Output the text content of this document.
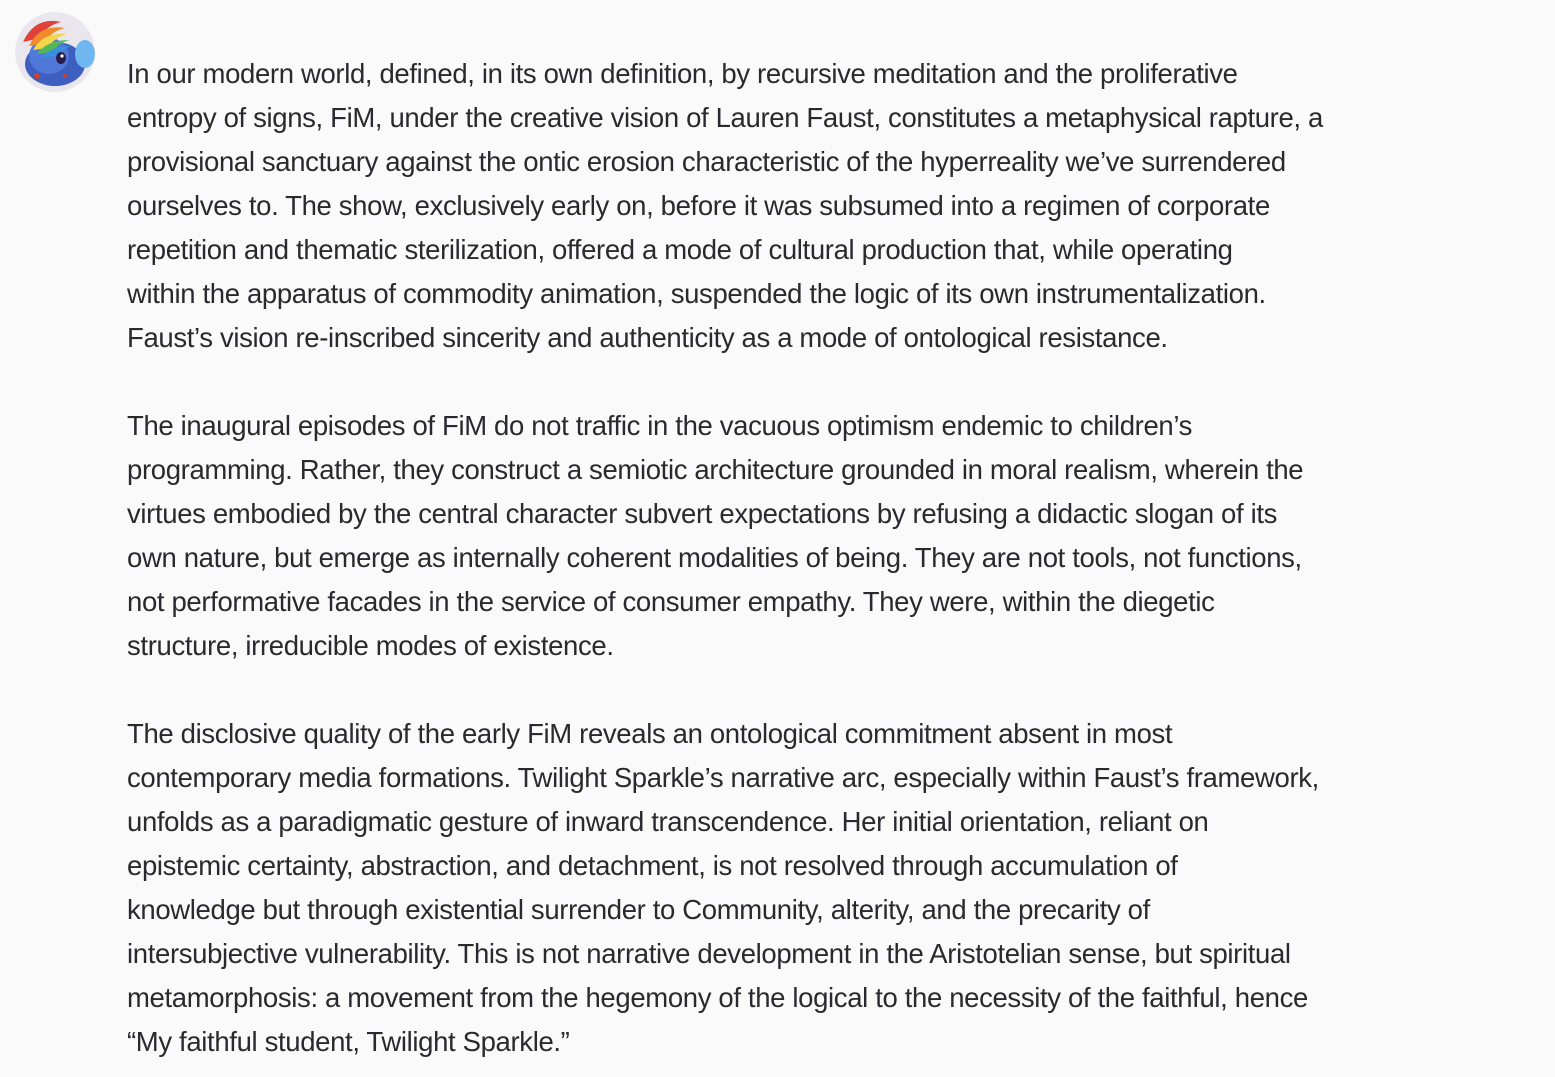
In our modern world, defined, in its own definition, by recursive meditation and the proliferative
entropy of signs, FiM, under the creative vision of Lauren Faust, constitutes a metaphysical rapture, a
provisional sanctuary against the ontic erosion characteristic of the hyperreality we’ve surrendered
ourselves to. The show, exclusively early on, before it was subsumed into a regimen of corporate
repetition and thematic sterilization, offered a mode of cultural production that, while operating
within the apparatus of commodity animation, suspended the logic of its own instrumentalization.
Faust’s vision re-inscribed sincerity and authenticity as a mode of ontological resistance.

The inaugural episodes of FiM do not traffic in the vacuous optimism endemic to children’s
programming. Rather, they construct a semiotic architecture grounded in moral realism, wherein the
virtues embodied by the central character subvert expectations by refusing a didactic slogan of its
own nature, but emerge as internally coherent modalities of being. They are not tools, not functions,
not performative facades in the service of consumer empathy. They were, within the diegetic
structure, irreducible modes of existence.

The disclosive quality of the early FiM reveals an ontological commitment absent in most
contemporary media formations. Twilight Sparkle’s narrative arc, especially within Faust’s framework,
unfolds as a paradigmatic gesture of inward transcendence. Her initial orientation, reliant on
epistemic certainty, abstraction, and detachment, is not resolved through accumulation of
knowledge but through existential surrender to Community, alterity, and the precarity of
intersubjective vulnerability. This is not narrative development in the Aristotelian sense, but spiritual
metamorphosis: a movement from the hegemony of the logical to the necessity of the faithful, hence
“My faithful student, Twilight Sparkle.”
